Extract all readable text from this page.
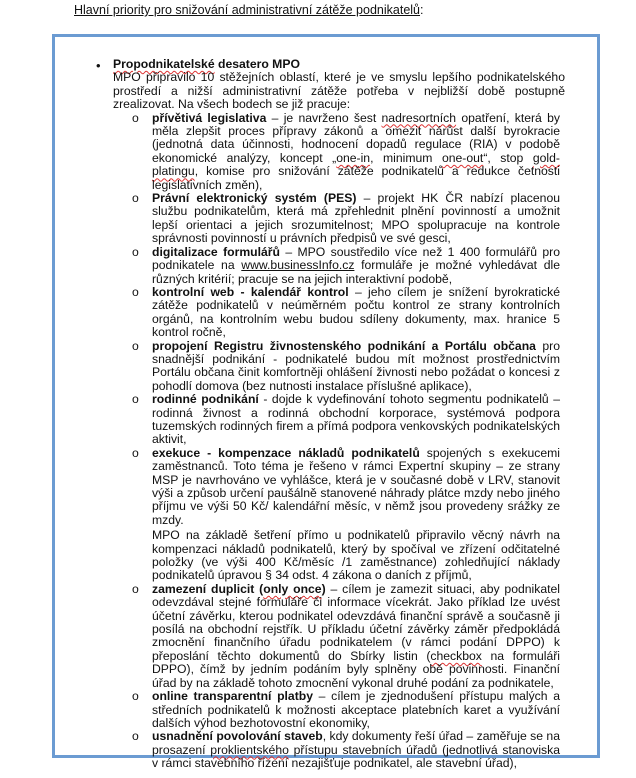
Hlavní priority pro snižování administrativní zátěže podnikatelů:
• Propodnikatelské desatero MPO
MPO připravilo 10 stěžejních oblastí, které je ve smyslu lepšího podnikatelského prostředí a nižší administrativní zátěže potřeba v nejbližší době postupně zrealizovat. Na všech bodech se již pracuje:
o přívětivá legislativa – je navrženo šest nadresortních opatření, která by měla zlepšit proces přípravy zákonů a omezit nárůst další byrokracie (jednotná data účinnosti, hodnocení dopadů regulace (RIA) v podobě ekonomické analýzy, koncept „one-in, minimum one-out“, stop gold-platingu, komise pro snižování zátěže podnikatelů a redukce četnosti legislativních změn),
o Právní elektronický systém (PES) – projekt HK ČR nabízí placenou službu podnikatelům, která má zpřehlednit plnění povinností a umožnit lepší orientaci a jejich srozumitelnost; MPO spolupracuje na kontrole správnosti povinností u právních předpisů ve své gesci,
o digitalizace formulářů – MPO soustředilo více než 1 400 formulářů pro podnikatele na www.businessInfo.cz formuláře je možné vyhledávat dle různých kritérií; pracuje se na jejich interaktivní podobě,
o kontrolní web - kalendář kontrol – jeho cílem je snížení byrokratické zátěže podnikatelů v neúměrném počtu kontrol ze strany kontrolních orgánů, na kontrolním webu budou sdíleny dokumenty, max. hranice 5 kontrol ročně,
o propojení Registru živnostenského podnikání a Portálu občana pro snadnější podnikání - podnikatelé budou mít možnost prostřednictvím Portálu občana činit komfortněji ohlášení živnosti nebo požádat o koncesi z pohodlí domova (bez nutnosti instalace příslušné aplikace),
o rodinné podnikání - dojde k vydefinování tohoto segmentu podnikatelů – rodinná živnost a rodinná obchodní korporace, systémová podpora tuzemských rodinných firem a přímá podpora venkovských podnikatelských aktivit,
o exekuce - kompenzace nákladů podnikatelů spojených s exekucemi zaměstnanců. Toto téma je řešeno v rámci Expertní skupiny – ze strany MSP je navrhováno ve vyhlášce, která je v současné době v LRV, stanovit výši a způsob určení paušálně stanovené náhrady plátce mzdy nebo jiného příjmu ve výši 50 Kč/ kalendářní měsíc, v němž jsou provedeny srážky ze mzdy.
MPO na základě šetření přímo u podnikatelů připravilo věcný návrh na kompenzaci nákladů podnikatelů, který by spočíval ve zřízení odčitatelné položky (ve výši 400 Kč/měsíc /1 zaměstnance) zohledňující náklady podnikatelů úpravou § 34 odst. 4 zákona o daních z příjmů,
o zamezení duplicit (only once) – cílem je zamezit situaci, aby podnikatel odevzdával stejné formuláře či informace vícekrát. Jako příklad lze uvést účetní závěrku, kterou podnikatel odevzdává finanční správě a současně ji posílá na obchodní rejstřík. U příkladu účetní závěrky záměr předpokládá zmocnění finančního úřadu podnikatelem (v rámci podání DPPO) k přeposlání těchto dokumentů do Sbírky listin (checkbox na formuláři DPPO), čímž by jedním podáním byly splněny obě povinnosti. Finanční úřad by na základě tohoto zmocnění vykonal druhé podání za podnikatele,
o online transparentní platby – cílem je zjednodušení přístupu malých a středních podnikatelů k možnosti akceptace platebních karet a využívání dalších výhod bezhotovostní ekonomiky,
o usnadnění povolování staveb, kdy dokumenty řeší úřad – zaměřuje se na prosazení proklientského přístupu stavebních úřadů (jednotlivá stanoviska v rámci stavebního řízení nezajišťuje podnikatel, ale stavební úřad),
